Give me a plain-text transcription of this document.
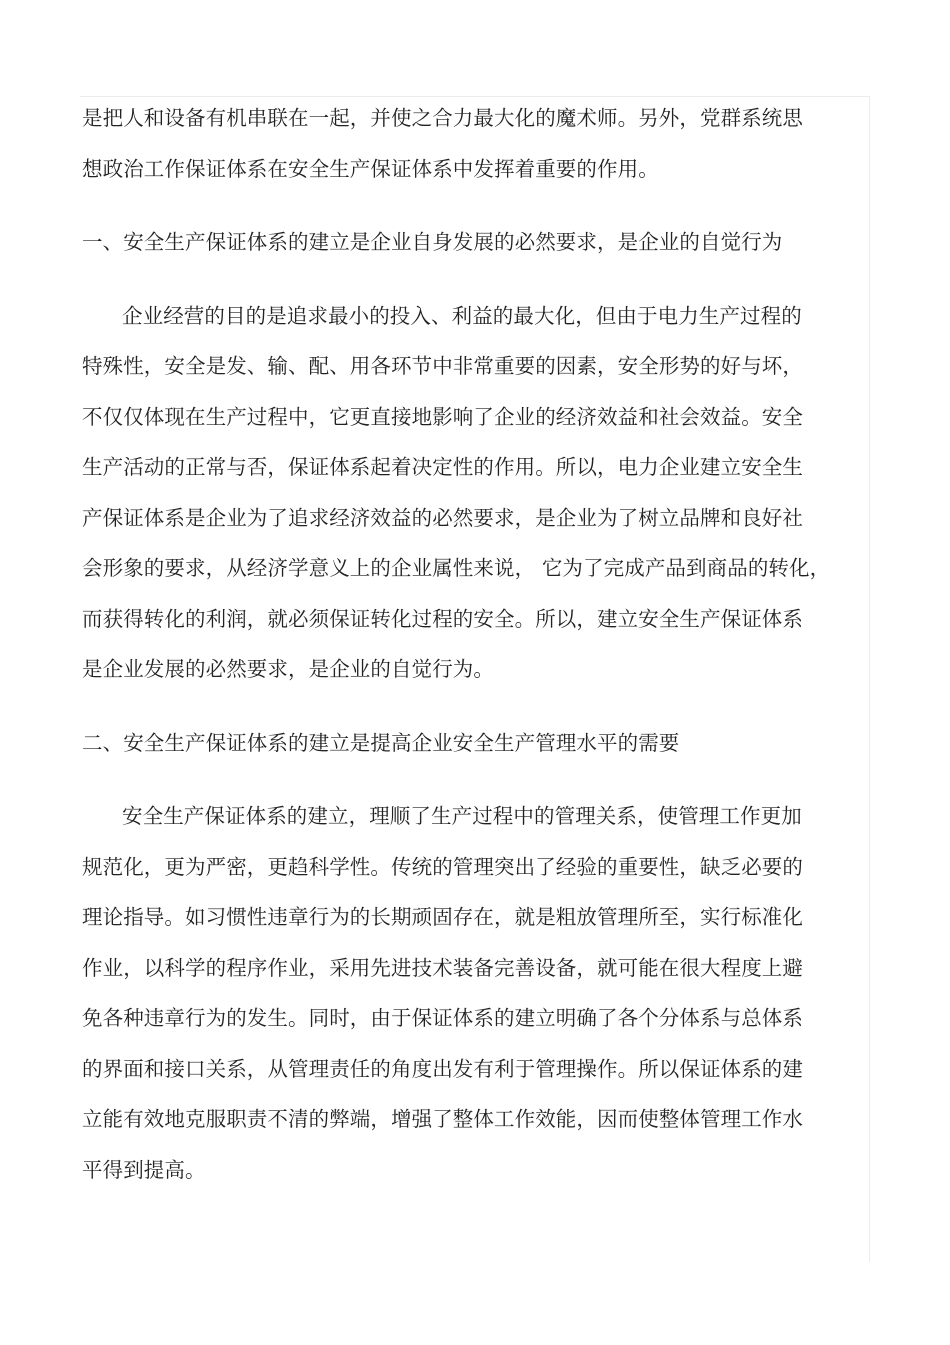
是把人和设备有机串联在一起，并使之合力最大化的魔术师。另外，党群系统思
想政治工作保证体系在安全生产保证体系中发挥着重要的作用。
一、安全生产保证体系的建立是企业自身发展的必然要求，是企业的自觉行为
企业经营的目的是追求最小的投入、利益的最大化，但由于电力生产过程的
特殊性，安全是发、输、配、用各环节中非常重要的因素，安全形势的好与坏，
不仅仅体现在生产过程中，它更直接地影响了企业的经济效益和社会效益。安全
生产活动的正常与否，保证体系起着决定性的作用。所以，电力企业建立安全生
产保证体系是企业为了追求经济效益的必然要求，是企业为了树立品牌和良好社
会形象的要求，从经济学意义上的企业属性来说， 它为了完成产品到商品的转化，
而获得转化的利润，就必须保证转化过程的安全。所以，建立安全生产保证体系
是企业发展的必然要求，是企业的自觉行为。
二、安全生产保证体系的建立是提高企业安全生产管理水平的需要
安全生产保证体系的建立，理顺了生产过程中的管理关系，使管理工作更加
规范化，更为严密，更趋科学性。传统的管理突出了经验的重要性，缺乏必要的
理论指导。如习惯性违章行为的长期顽固存在，就是粗放管理所至，实行标准化
作业，以科学的程序作业，采用先进技术装备完善设备，就可能在很大程度上避
免各种违章行为的发生。同时，由于保证体系的建立明确了各个分体系与总体系
的界面和接口关系，从管理责任的角度出发有利于管理操作。所以保证体系的建
立能有效地克服职责不清的弊端，增强了整体工作效能，因而使整体管理工作水
平得到提高。
